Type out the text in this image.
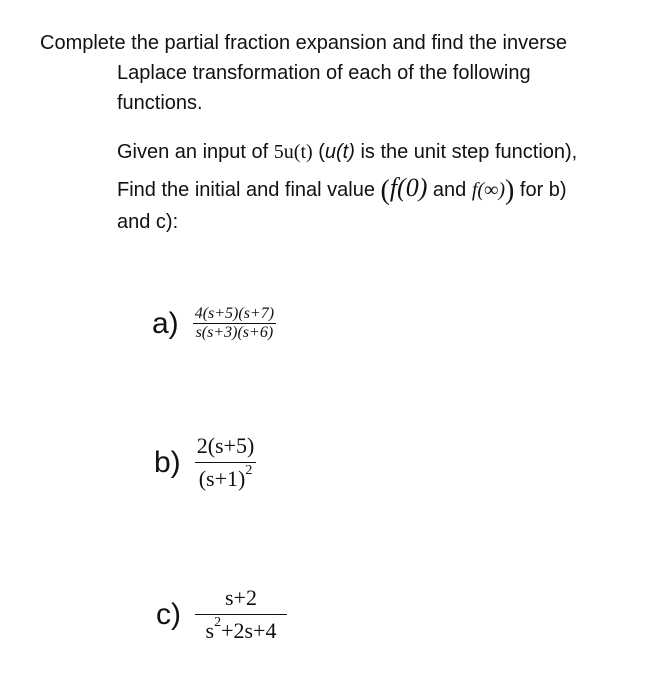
Complete the partial fraction expansion and find the inverse
Laplace transformation of each of the following
functions.
Given an input of 5u(t) (u(t) is the unit step function),
Find the initial and final value (f(0) and f(∞)) for b)
and c):
$a) \frac{4(s+5)(s+7)}{s(s+3)(s+6)}$
$b) \frac{2(s+5)}{(s+1)^2}$
$c) \frac{s+2}{s^2+2s+4}$
